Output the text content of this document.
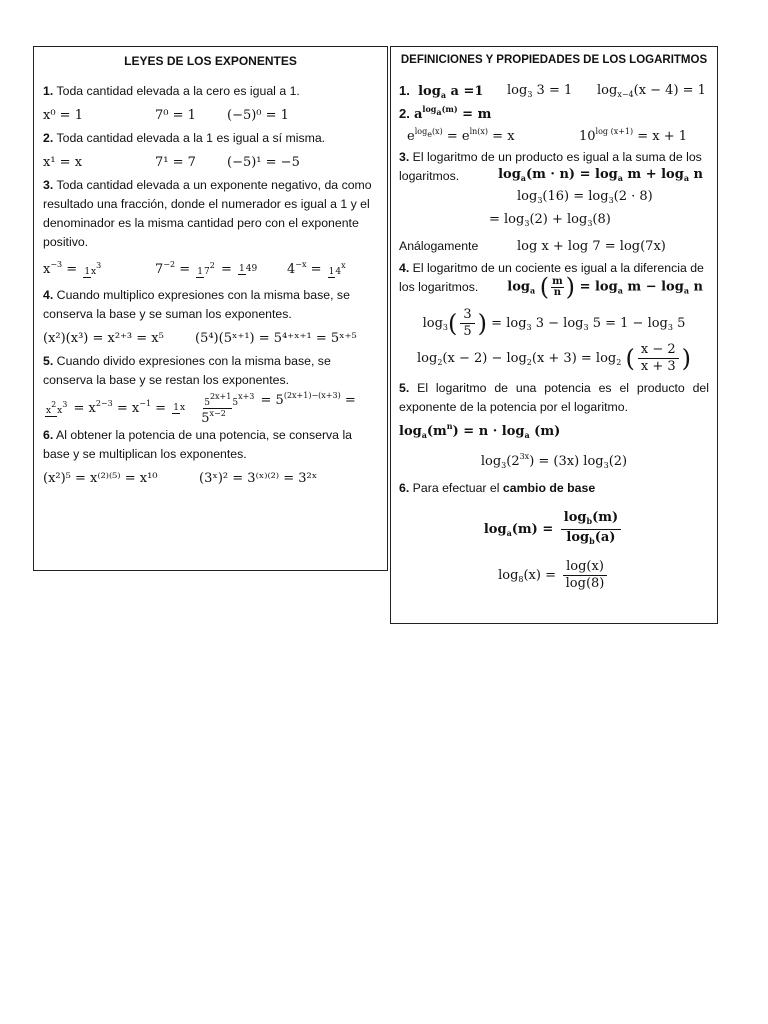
LEYES DE LOS EXPONENTES
1. Toda cantidad elevada a la cero es igual a 1.
x⁰ = 1	7⁰ = 1	(−5)⁰ = 1
2. Toda cantidad elevada a la 1 es igual a sí misma.
x¹ = x	7¹ = 7	(−5)¹ = −5
3. Toda cantidad elevada a un exponente negativo, da como resultado una fracción, donde el numerador es igual a 1 y el denominador es la misma cantidad pero con el exponente positivo.
$x^{-3} = 1x^3$	$7^{-2} = 17^2 = 149$	$4^{-x} = 14^x$
4. Cuando multiplico expresiones con la misma base, se conserva la base y se suman los exponentes.
(x²)(x³) = x²⁺³ = x⁵	(5⁴)(5ˣ⁺¹) = 5⁴⁺ˣ⁺¹ = 5ˣ⁺⁵
5. Cuando divido expresiones con la misma base, se conserva la base y se restan los exponentes.
$x^2x^3 = x^{2-3} = x^{-1} = 1x$
$5^{2x+1}5^{x+3} = 5^{(2x+1)-(x+3)} = 5^{x-2}$
6. Al obtener la potencia de una potencia, se conserva la base y se multiplican los exponentes.
(x²)⁵ = x⁽²⁾⁽⁵⁾ = x¹⁰	(3ˣ)² = 3⁽ˣ⁾⁽²⁾ = 3²ˣ
DEFINICIONES Y PROPIEDADES DE LOS LOGARITMOS
1. $\log_a a =1$	$\log_3 3 = 1$	$\log_{x-4}(x - 4) = 1$
2. $a^{log_a(m)} = m$
$e^{log_e(x)} = e^{ln(x)} = x$	$10^{log (x+1)} = x + 1$
3. El logaritmo de un producto es igual a la suma de los logaritmos.	$\log_a(m \cdot n) = \log_a m + \log_a n$
$\log_3(16) = \log_3(2 \cdot 8)$
= $\log_3(2) + \log_3(8)$
Análogamente	log x + log 7 = log(7x)
4. El logaritmo de un cociente es igual a la diferencia de los logaritmos.	$\log_a$ ( $\frac{m}{n}$ ) = $\log_a m - \log_a n$
$\log_3( \frac{3}{5}$ ) = $\log_3 3 - \log_3 5 = 1 - \log_3 5$
$\log_2(x - 2) - \log_2(x + 3) = \log_2$ ( $\frac{x - 2}{x + 3}$ )
5. El logaritmo de una potencia es el producto del exponente de la potencia por el logaritmo.
$\log_a(m^n) = n \cdot \log_a (m)$
$\log_3(2^{3x}) = (3x)$ $\log_3(2)$
6. Para efectuar el cambio de base
$\log_a(m) = \frac{\log_b(m)}{\log_b(a)}$
$\log_8(x) = \frac{\log(x)}{\log(8)}$
